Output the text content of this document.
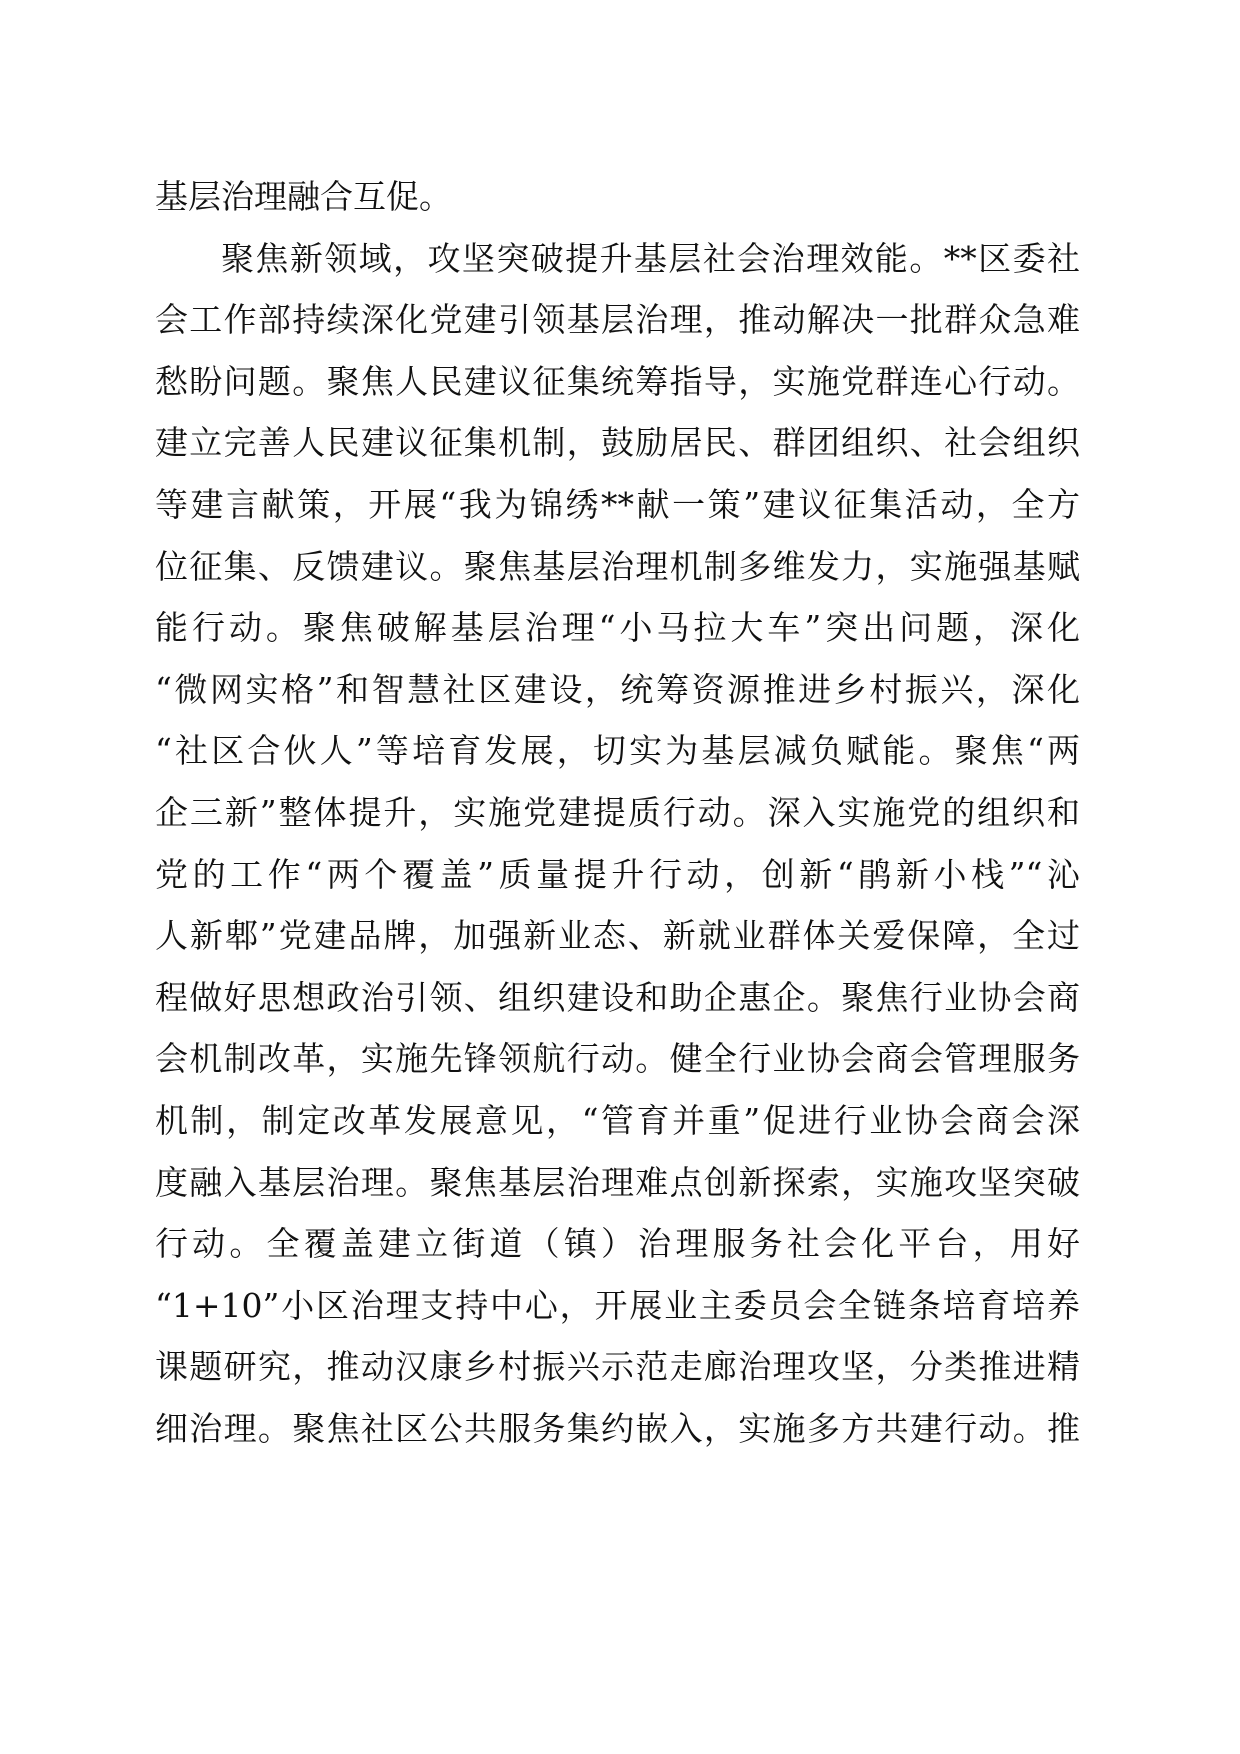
基层治理融合互促。
聚焦新领域，攻坚突破提升基层社会治理效能。**区委社
会工作部持续深化党建引领基层治理，推动解决一批群众急难
愁盼问题。聚焦人民建议征集统筹指导，实施党群连心行动。
建立完善人民建议征集机制，鼓励居民、群团组织、社会组织
等建言献策，开展“我为锦绣**献一策”建议征集活动，全方
位征集、反馈建议。聚焦基层治理机制多维发力，实施强基赋
能行动。聚焦破解基层治理“小马拉大车”突出问题，深化
“微网实格”和智慧社区建设，统筹资源推进乡村振兴，深化
“社区合伙人”等培育发展，切实为基层减负赋能。聚焦“两
企三新”整体提升，实施党建提质行动。深入实施党的组织和
党的工作“两个覆盖”质量提升行动，创新“鹃新小栈”“沁
人新郫”党建品牌，加强新业态、新就业群体关爱保障，全过
程做好思想政治引领、组织建设和助企惠企。聚焦行业协会商
会机制改革，实施先锋领航行动。健全行业协会商会管理服务
机制，制定改革发展意见，“管育并重”促进行业协会商会深
度融入基层治理。聚焦基层治理难点创新探索，实施攻坚突破
行动。全覆盖建立街道（镇）治理服务社会化平台，用好
“1+10”小区治理支持中心，开展业主委员会全链条培育培养
课题研究，推动汉康乡村振兴示范走廊治理攻坚，分类推进精
细治理。聚焦社区公共服务集约嵌入，实施多方共建行动。推
